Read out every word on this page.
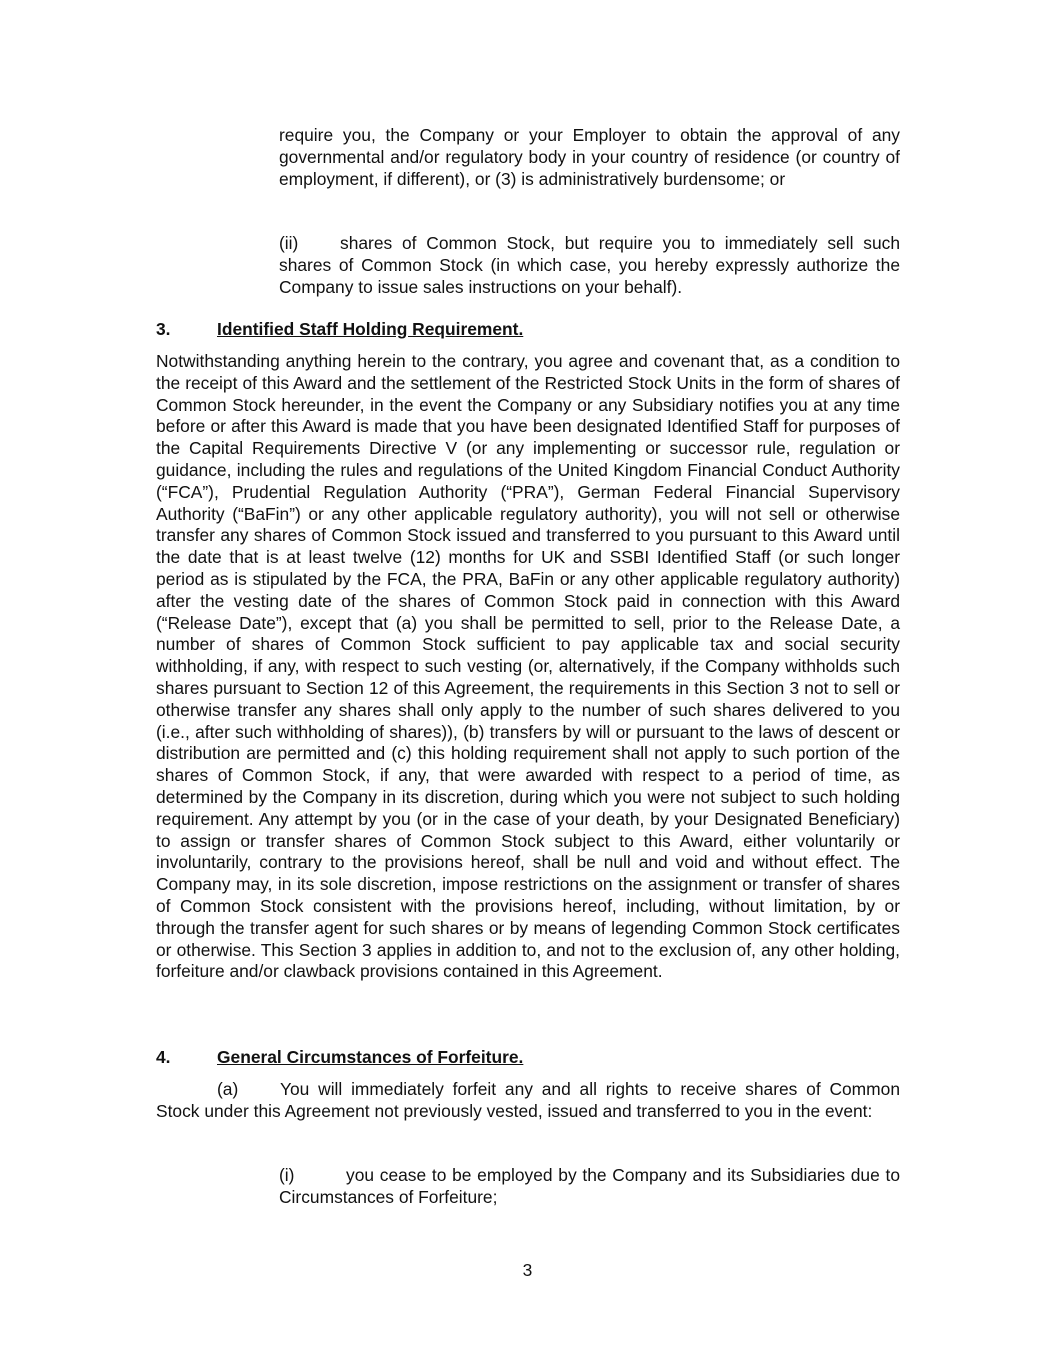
require you, the Company or your Employer to obtain the approval of any governmental and/or regulatory body in your country of residence (or country of employment, if different), or (3) is administratively burdensome; or

(ii) shares of Common Stock, but require you to immediately sell such shares of Common Stock (in which case, you hereby expressly authorize the Company to issue sales instructions on your behalf).

3.	Identified Staff Holding Requirement.

Notwithstanding anything herein to the contrary, you agree and covenant that, as a condition to the receipt of this Award and the settlement of the Restricted Stock Units in the form of shares of Common Stock hereunder, in the event the Company or any Subsidiary notifies you at any time before or after this Award is made that you have been designated Identified Staff for purposes of the Capital Requirements Directive V (or any implementing or successor rule, regulation or guidance, including the rules and regulations of the United Kingdom Financial Conduct Authority (“FCA”), Prudential Regulation Authority (“PRA”), German Federal Financial Supervisory Authority (“BaFin”) or any other applicable regulatory authority), you will not sell or otherwise transfer any shares of Common Stock issued and transferred to you pursuant to this Award until the date that is at least twelve (12) months for UK and SSBI Identified Staff (or such longer period as is stipulated by the FCA, the PRA, BaFin or any other applicable regulatory authority) after the vesting date of the shares of Common Stock paid in connection with this Award (“Release Date”), except that (a) you shall be permitted to sell, prior to the Release Date, a number of shares of Common Stock sufficient to pay applicable tax and social security withholding, if any, with respect to such vesting (or, alternatively, if the Company withholds such shares pursuant to Section 12 of this Agreement, the requirements in this Section 3 not to sell or otherwise transfer any shares shall only apply to the number of such shares delivered to you (i.e., after such withholding of shares)), (b) transfers by will or pursuant to the laws of descent or distribution are permitted and (c) this holding requirement shall not apply to such portion of the shares of Common Stock, if any, that were awarded with respect to a period of time, as determined by the Company in its discretion, during which you were not subject to such holding requirement. Any attempt by you (or in the case of your death, by your Designated Beneficiary) to assign or transfer shares of Common Stock subject to this Award, either voluntarily or involuntarily, contrary to the provisions hereof, shall be null and void and without effect. The Company may, in its sole discretion, impose restrictions on the assignment or transfer of shares of Common Stock consistent with the provisions hereof, including, without limitation, by or through the transfer agent for such shares or by means of legending Common Stock certificates or otherwise. This Section 3 applies in addition to, and not to the exclusion of, any other holding, forfeiture and/or clawback provisions contained in this Agreement.

4.	General Circumstances of Forfeiture.

(a) You will immediately forfeit any and all rights to receive shares of Common Stock under this Agreement not previously vested, issued and transferred to you in the event:

(i)	you cease to be employed by the Company and its Subsidiaries due to Circumstances of Forfeiture;

3
